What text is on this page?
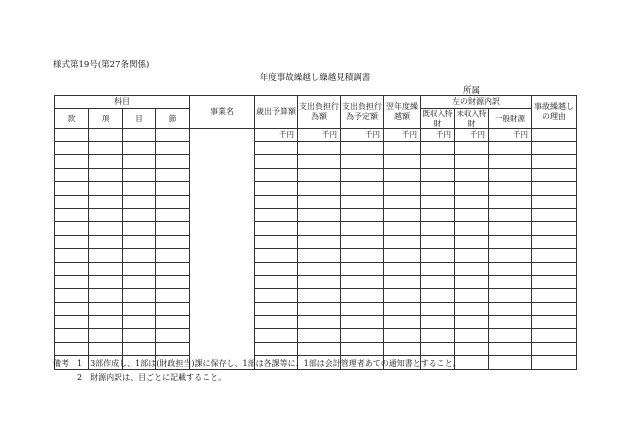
様式第19号(第27条関係)
年度事故繰越し繰越見積調書
所属
科目				事業名	歳出予算額	支出負担行為額	支出負担行為予定額	翌年度繰越額	左の財源内訳			事故繰越しの理由
款	項	目	節						既収入特財	未収入特財	一般財源	
					千円	千円	千円	千円	千円	千円	千円	

備考　 1　 3部作成し、1部は(財政担当)課に保存し、1部は各課等に、1部は会計管理者あての通知書とすること。
2　 財源内訳は、目ごとに記載すること。
